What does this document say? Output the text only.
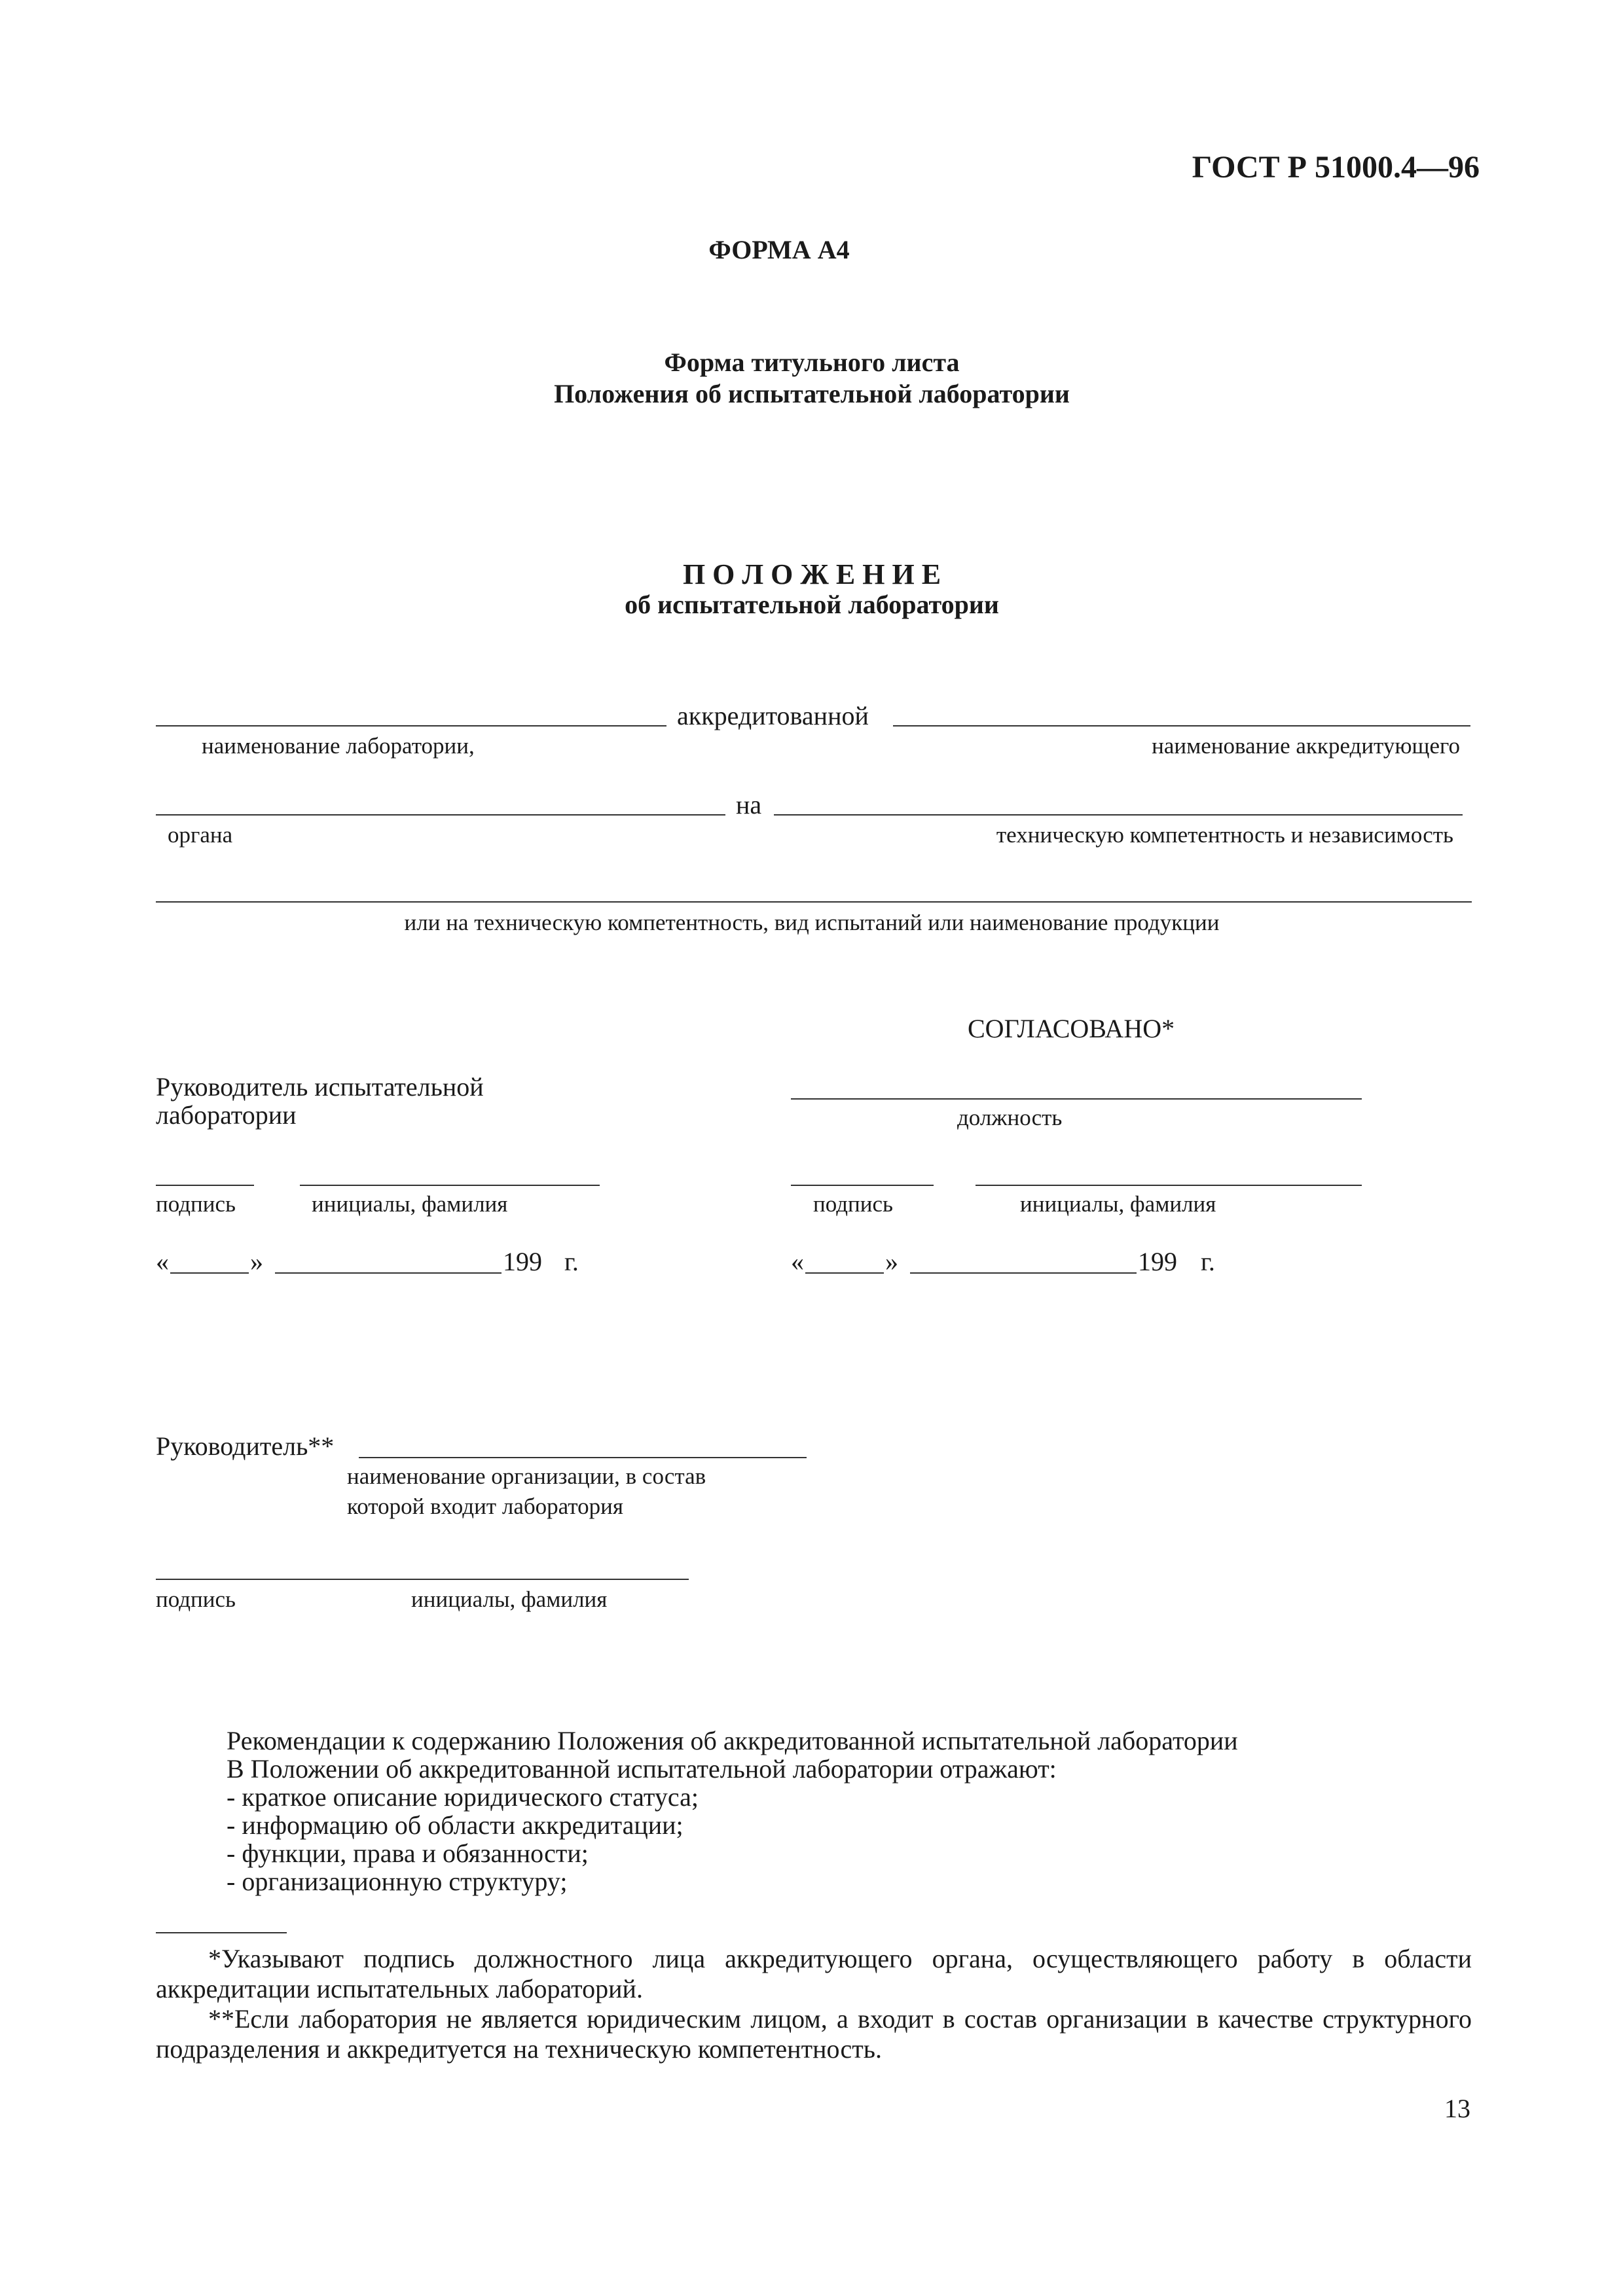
ГОСТ Р 51000.4—96
ФОРМА А4
Форма титульного листа
Положения об испытательной лаборатории
П О Л О Ж Е Н И Е
об испытательной лаборатории
аккредитованной
наименование лаборатории,	наименование аккредитующего
на
органа	техническую компетентность и независимость
или на техническую компетентность, вид испытаний или наименование продукции
СОГЛАСОВАНО*
Руководитель испытательной
лаборатории	должность
подпись	инициалы, фамилия	подпись	инициалы, фамилия
«	»	199 г.	«	»	199 г.
Руководитель**
наименование организации, в состав
которой входит лаборатория
подпись	инициалы, фамилия
Рекомендации к содержанию Положения об аккредитованной испытательной лаборатории
В Положении об аккредитованной испытательной лаборатории отражают:
- краткое описание юридического статуса;
- информацию об области аккредитации;
- функции, права и обязанности;
- организационную структуру;
*Указывают подпись должностного лица аккредитующего органа, осуществляющего работу в области аккредитации испытательных лабораторий.
**Если лаборатория не является юридическим лицом, а входит в состав организации в качестве структурного подразделения и аккредитуется на техническую компетентность.
13
